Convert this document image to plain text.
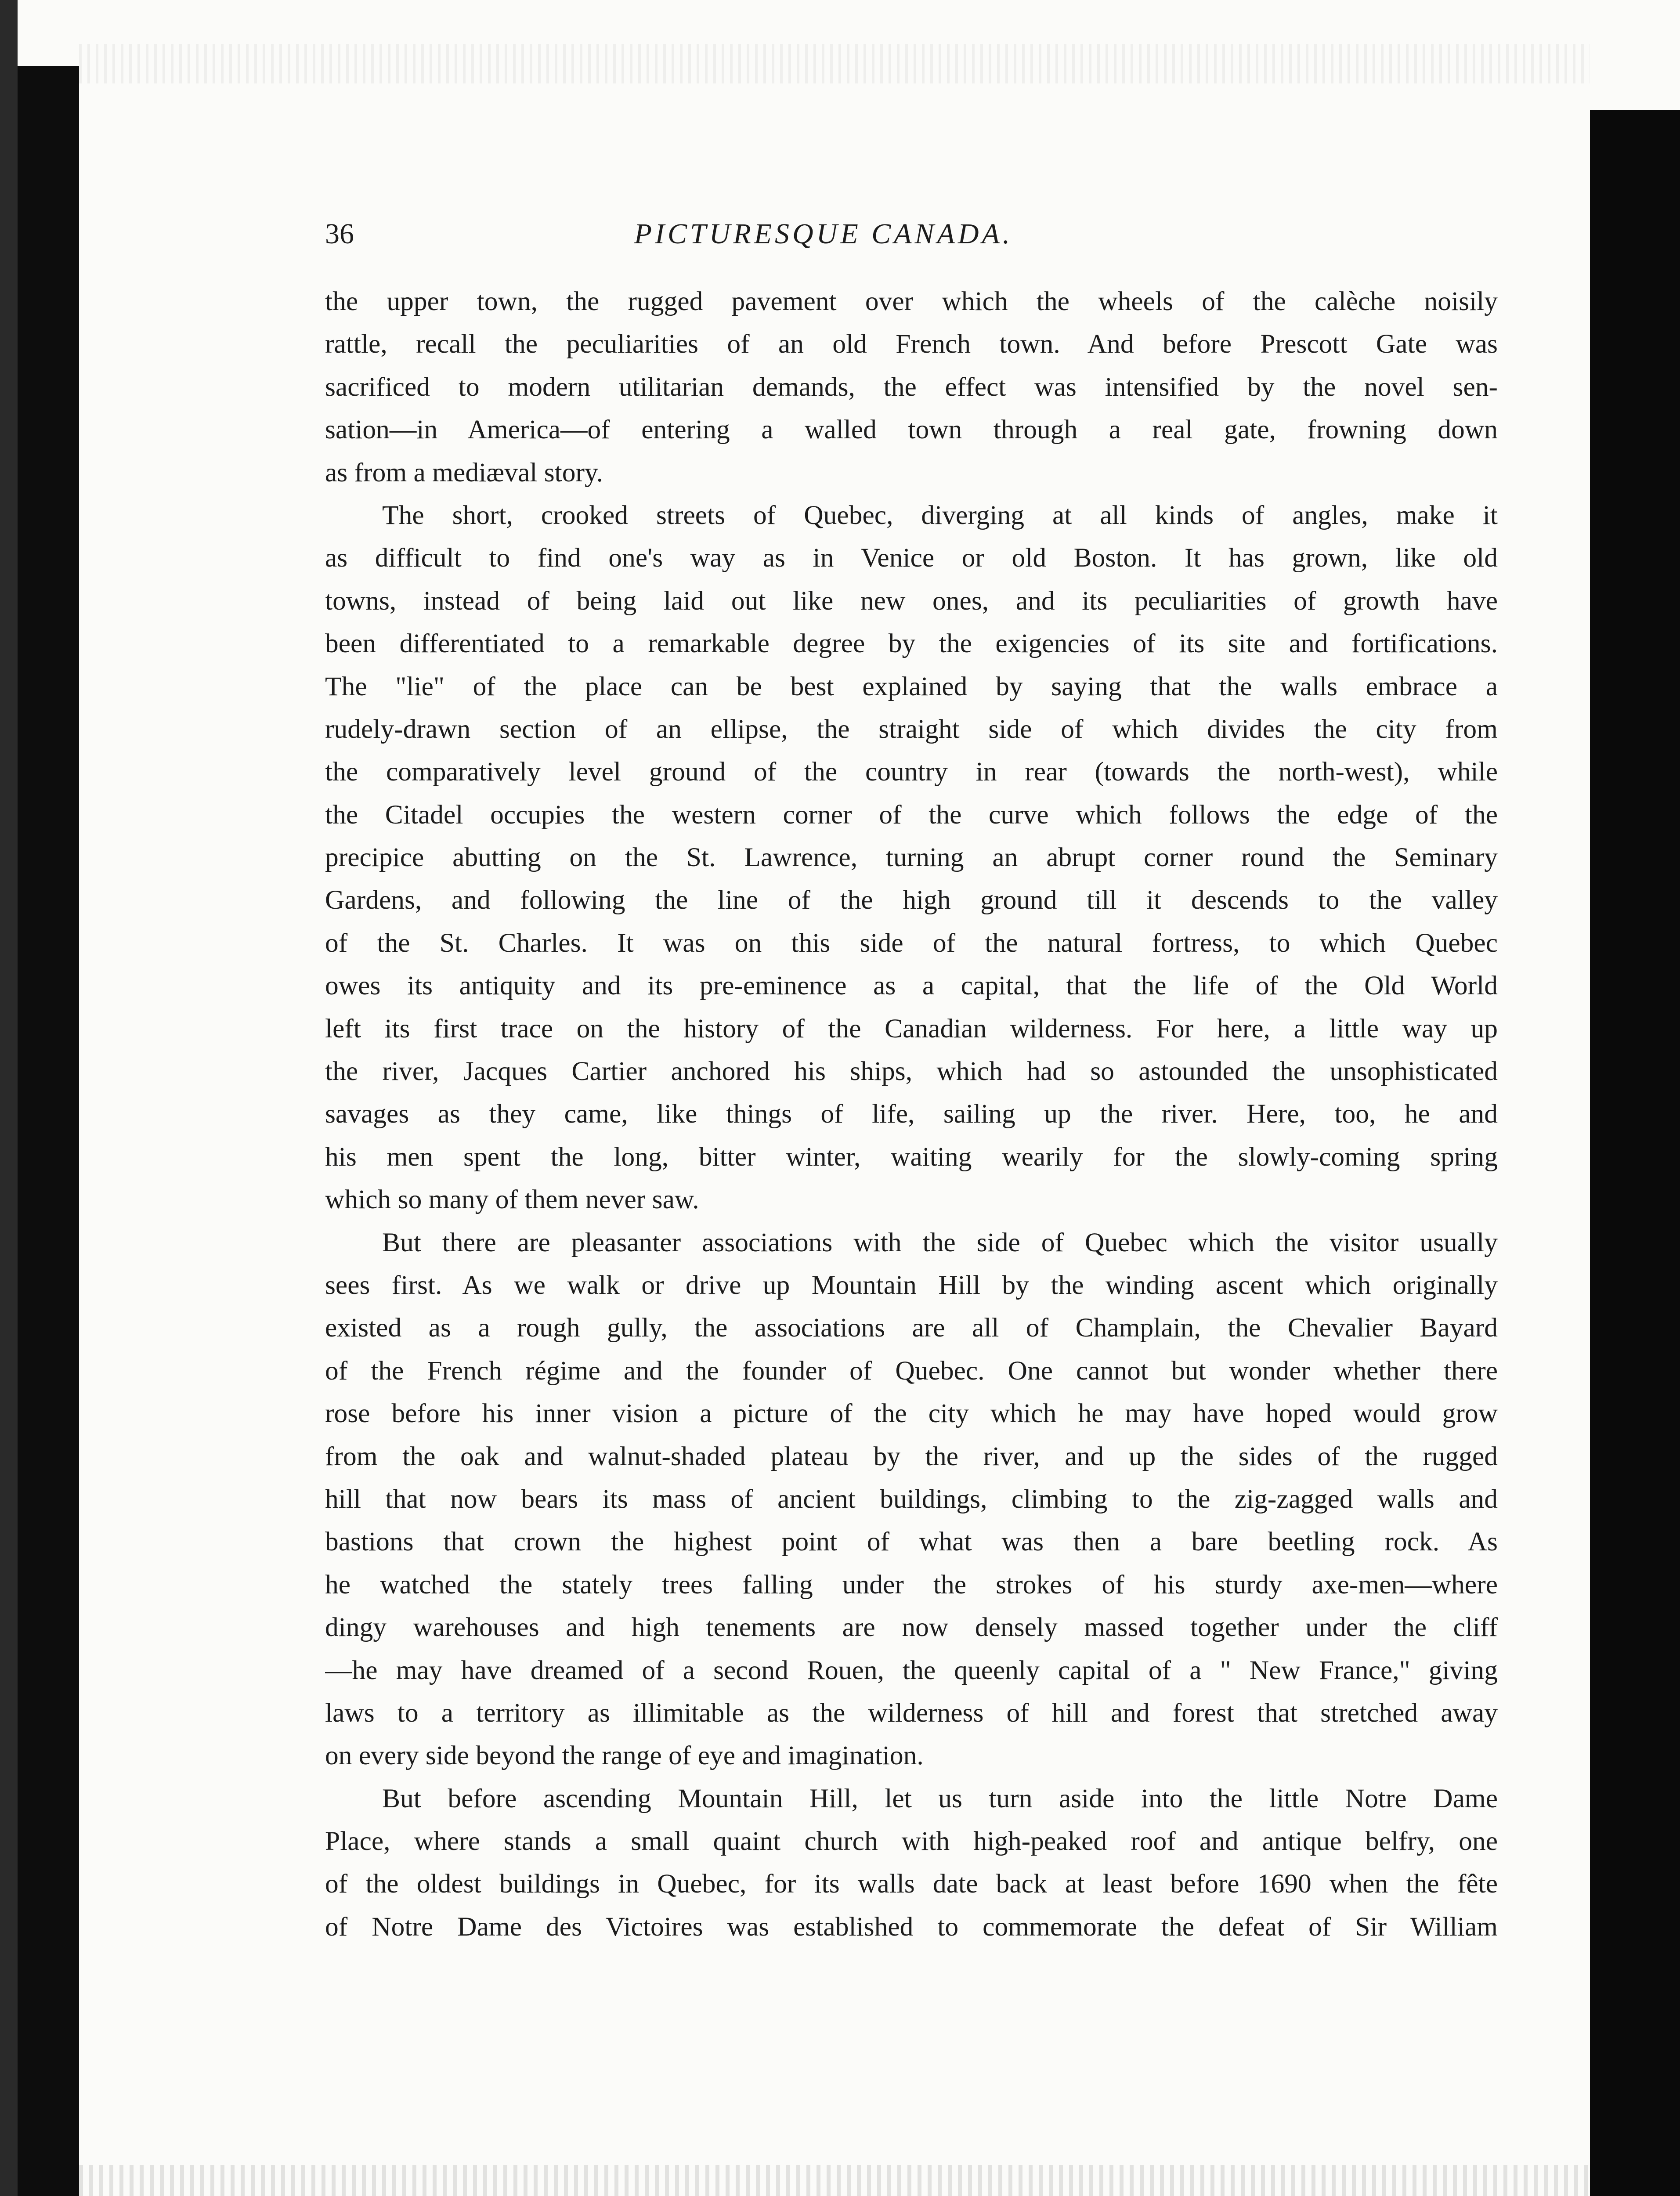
36	PICTURESQUE CANADA.
the upper town, the rugged pavement over which the wheels of the calèche noisily
rattle, recall the peculiarities of an old French town. And before Prescott Gate was
sacrificed to modern utilitarian demands, the effect was intensified by the novel sen-
sation—in America—of entering a walled town through a real gate, frowning down
as from a mediæval story.
The short, crooked streets of Quebec, diverging at all kinds of angles, make it
as difficult to find one's way as in Venice or old Boston. It has grown, like old
towns, instead of being laid out like new ones, and its peculiarities of growth have
been differentiated to a remarkable degree by the exigencies of its site and fortifications.
The "lie" of the place can be best explained by saying that the walls embrace a
rudely-drawn section of an ellipse, the straight side of which divides the city from
the comparatively level ground of the country in rear (towards the north-west), while
the Citadel occupies the western corner of the curve which follows the edge of the
precipice abutting on the St. Lawrence, turning an abrupt corner round the Seminary
Gardens, and following the line of the high ground till it descends to the valley
of the St. Charles. It was on this side of the natural fortress, to which Quebec
owes its antiquity and its pre-eminence as a capital, that the life of the Old World
left its first trace on the history of the Canadian wilderness. For here, a little way up
the river, Jacques Cartier anchored his ships, which had so astounded the unsophisticated
savages as they came, like things of life, sailing up the river. Here, too, he and
his men spent the long, bitter winter, waiting wearily for the slowly-coming spring
which so many of them never saw.
But there are pleasanter associations with the side of Quebec which the visitor usually
sees first. As we walk or drive up Mountain Hill by the winding ascent which originally
existed as a rough gully, the associations are all of Champlain, the Chevalier Bayard
of the French régime and the founder of Quebec. One cannot but wonder whether there
rose before his inner vision a picture of the city which he may have hoped would grow
from the oak and walnut-shaded plateau by the river, and up the sides of the rugged
hill that now bears its mass of ancient buildings, climbing to the zig-zagged walls and
bastions that crown the highest point of what was then a bare beetling rock. As
he watched the stately trees falling under the strokes of his sturdy axe-men—where
dingy warehouses and high tenements are now densely massed together under the cliff
—he may have dreamed of a second Rouen, the queenly capital of a " New France," giving
laws to a territory as illimitable as the wilderness of hill and forest that stretched away
on every side beyond the range of eye and imagination.
But before ascending Mountain Hill, let us turn aside into the little Notre Dame
Place, where stands a small quaint church with high-peaked roof and antique belfry, one
of the oldest buildings in Quebec, for its walls date back at least before 1690 when the fête
of Notre Dame des Victoires was established to commemorate the defeat of Sir William
